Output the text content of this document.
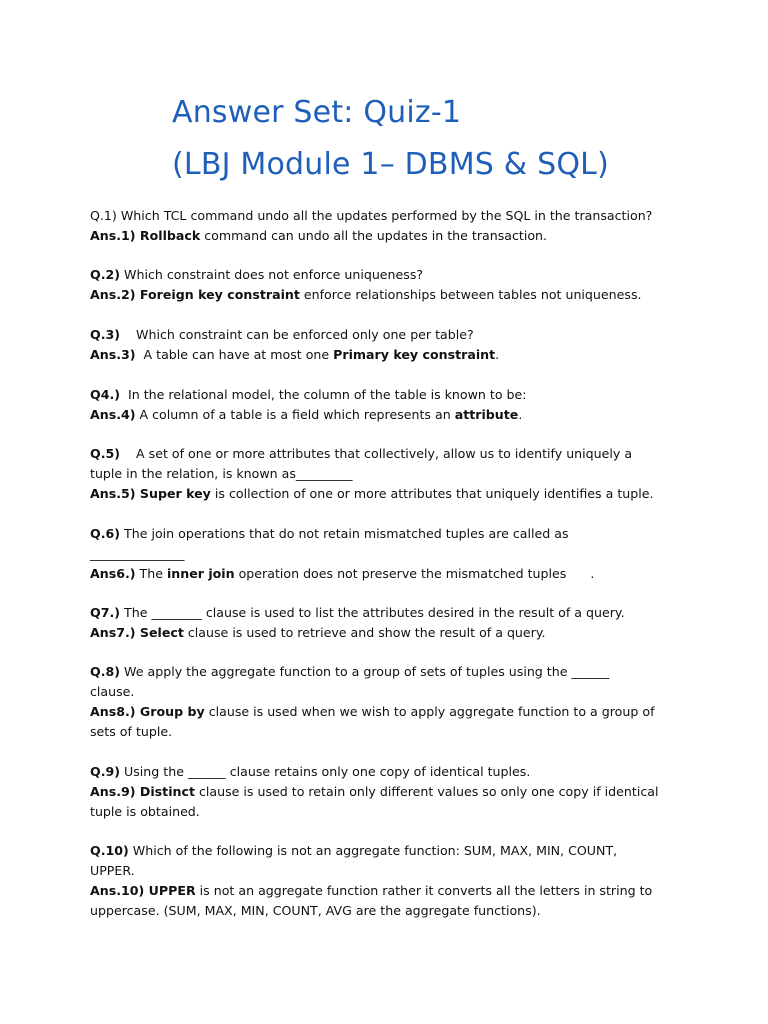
Answer Set: Quiz-1
(LBJ Module 1– DBMS & SQL)
Q.1) Which TCL command undo all the updates performed by the SQL in the transaction?
Ans.1) Rollback command can undo all the updates in the transaction.
Q.2) Which constraint does not enforce uniqueness?
Ans.2) Foreign key constraint enforce relationships between tables not uniqueness.
Q.3)    Which constraint can be enforced only one per table?
Ans.3)  A table can have at most one Primary key constraint.
Q4.)  In the relational model, the column of the table is known to be:
Ans.4) A column of a table is a field which represents an attribute.
Q.5)    A set of one or more attributes that collectively, allow us to identify uniquely a
tuple in the relation, is known as_________
Ans.5) Super key is collection of one or more attributes that uniquely identifies a tuple.
Q.6) The join operations that do not retain mismatched tuples are called as
_______________
Ans6.) The inner join operation does not preserve the mismatched tuples      .
Q7.) The ________ clause is used to list the attributes desired in the result of a query.
Ans7.) Select clause is used to retrieve and show the result of a query.
Q.8) We apply the aggregate function to a group of sets of tuples using the ______
clause.
Ans8.) Group by clause is used when we wish to apply aggregate function to a group of
sets of tuple.
Q.9) Using the ______ clause retains only one copy of identical tuples.
Ans.9) Distinct clause is used to retain only different values so only one copy if identical
tuple is obtained.
Q.10) Which of the following is not an aggregate function: SUM, MAX, MIN, COUNT,
UPPER.
Ans.10) UPPER is not an aggregate function rather it converts all the letters in string to
uppercase. (SUM, MAX, MIN, COUNT, AVG are the aggregate functions).
